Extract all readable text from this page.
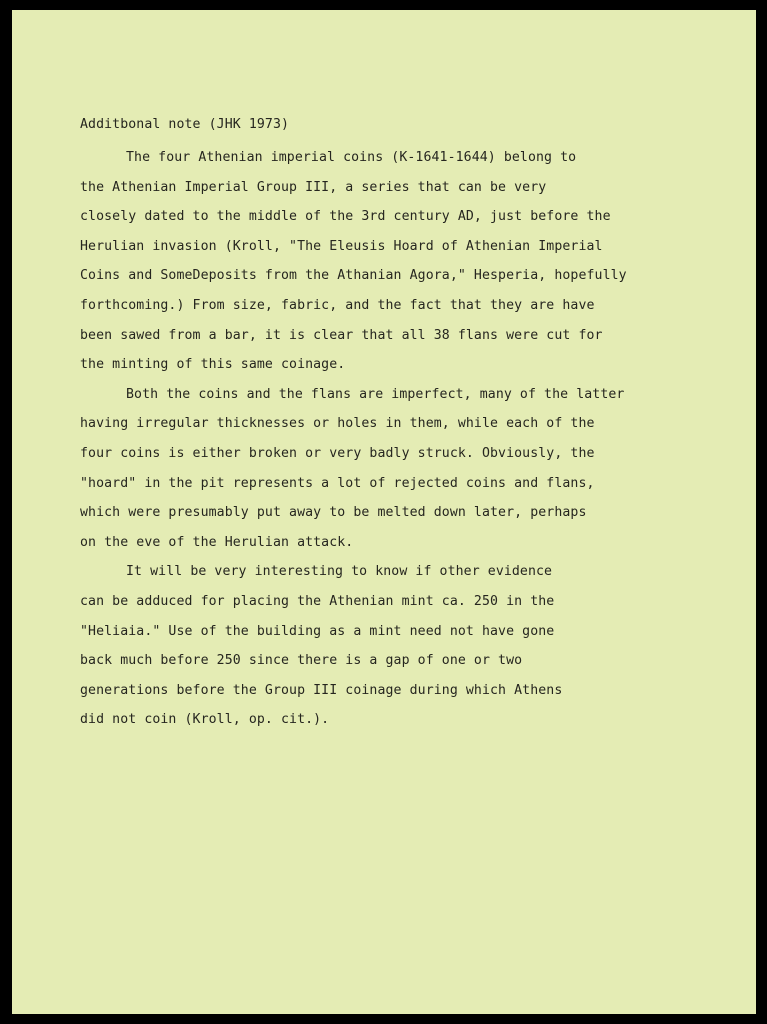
Additbonal note (JHK 1973)
The four Athenian imperial coins (K-1641-1644) belong to
the Athenian Imperial Group III, a series that can be very
closely dated to the middle of the 3rd century AD, just before the
Herulian invasion (Kroll, "The Eleusis Hoard of Athenian Imperial
Coins and SomeDeposits from the Athanian Agora," Hesperia, hopefully
forthcoming.) From size, fabric, and the fact that they are have
been sawed from a bar, it is clear that all 38 flans were cut for
the minting of this same coinage.
Both the coins and the flans are imperfect, many of the latter
having irregular thicknesses or holes in them, while each of the
four coins is either broken or very badly struck. Obviously, the
"hoard" in the pit represents a lot of rejected coins and flans,
which were presumably put away to be melted down later, perhaps
on the eve of the Herulian attack.
It will be very interesting to know if other evidence
can be adduced for placing the Athenian mint ca. 250 in the
"Heliaia." Use of the building as a mint need not have gone
back much before 250 since there is a gap of one or two
generations before the Group III coinage during which Athens
did not coin (Kroll, op. cit.).
